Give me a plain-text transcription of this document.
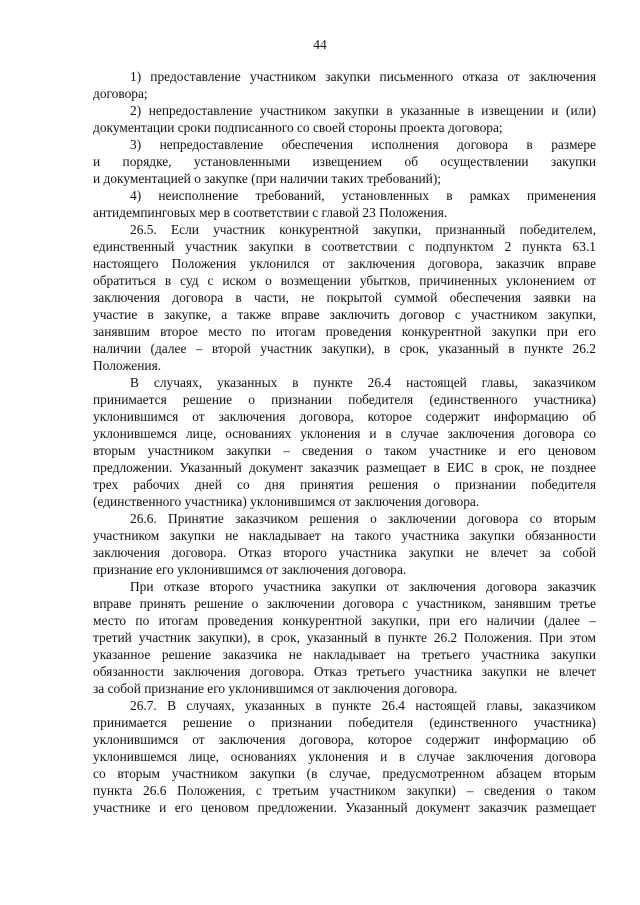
44
1) предоставление участником закупки письменного отказа от заключения
договора;
2) непредоставление участником закупки в указанные в извещении и (или)
документации сроки подписанного со своей стороны проекта договора;
3) непредоставление обеспечения исполнения договора в размере
и порядке, установленными извещением об осуществлении закупки
и документацией о закупке (при наличии таких требований);
4) неисполнение требований, установленных в рамках применения
антидемпинговых мер в соответствии с главой 23 Положения.
26.5. Если участник конкурентной закупки, признанный победителем,
единственный участник закупки в соответствии с подпунктом 2 пункта 63.1
настоящего Положения уклонился от заключения договора, заказчик вправе
обратиться в суд с иском о возмещении убытков, причиненных уклонением от
заключения договора в части, не покрытой суммой обеспечения заявки на
участие в закупке, а также вправе заключить договор с участником закупки,
занявшим второе место по итогам проведения конкурентной закупки при его
наличии (далее – второй участник закупки), в срок, указанный в пункте 26.2
Положения.
В случаях, указанных в пункте 26.4 настоящей главы, заказчиком
принимается решение о признании победителя (единственного участника)
уклонившимся от заключения договора, которое содержит информацию об
уклонившемся лице, основаниях уклонения и в случае заключения договора со
вторым участником закупки – сведения о таком участнике и его ценовом
предложении. Указанный документ заказчик размещает в ЕИС в срок, не позднее
трех рабочих дней со дня принятия решения о признании победителя
(единственного участника) уклонившимся от заключения договора.
26.6. Принятие заказчиком решения о заключении договора со вторым
участником закупки не накладывает на такого участника закупки обязанности
заключения договора. Отказ второго участника закупки не влечет за собой
признание его уклонившимся от заключения договора.
При отказе второго участника закупки от заключения договора заказчик
вправе принять решение о заключении договора с участником, занявшим третье
место по итогам проведения конкурентной закупки, при его наличии (далее –
третий участник закупки), в срок, указанный в пункте 26.2 Положения. При этом
указанное решение заказчика не накладывает на третьего участника закупки
обязанности заключения договора. Отказ третьего участника закупки не влечет
за собой признание его уклонившимся от заключения договора.
26.7. В случаях, указанных в пункте 26.4 настоящей главы, заказчиком
принимается решение о признании победителя (единственного участника)
уклонившимся от заключения договора, которое содержит информацию об
уклонившемся лице, основаниях уклонения и в случае заключения договора
со вторым участником закупки (в случае, предусмотренном абзацем вторым
пункта 26.6 Положения, с третьим участником закупки) – сведения о таком
участнике и его ценовом предложении. Указанный документ заказчик размещает
